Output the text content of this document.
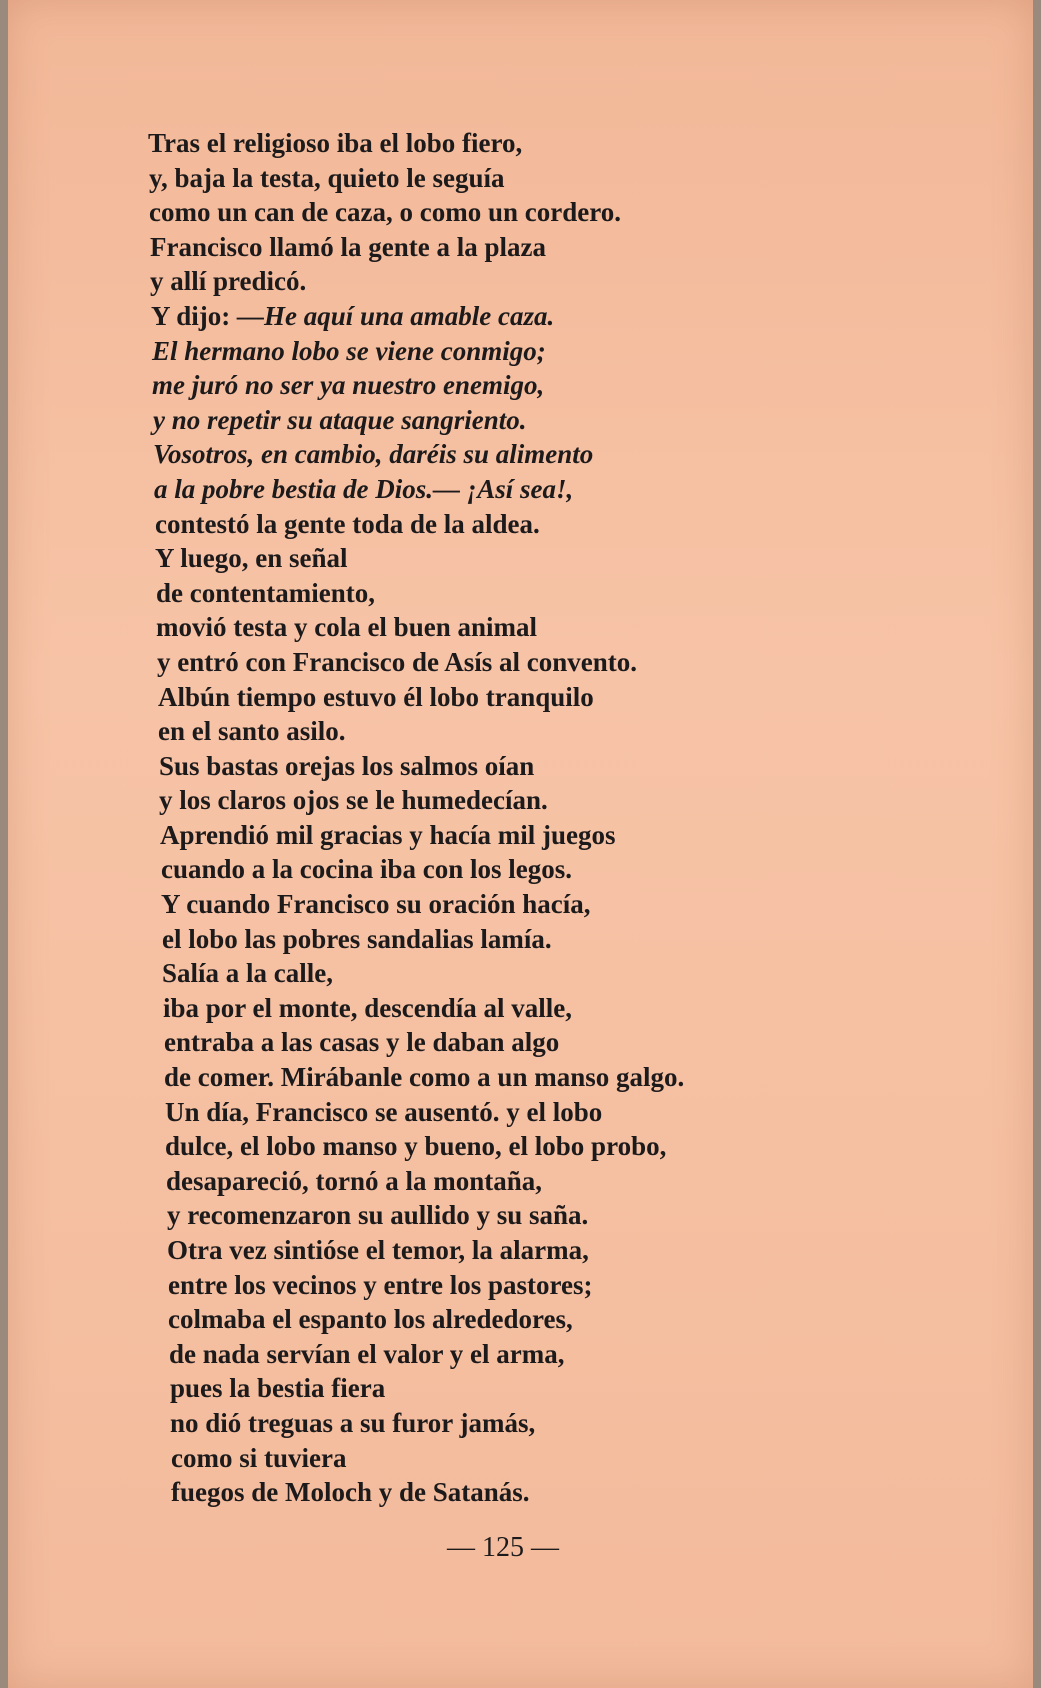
Tras el religioso iba el lobo fiero,
y, baja la testa, quieto le seguía
como un can de caza, o como un cordero.
Francisco llamó la gente a la plaza
y allí predicó.
Y dijo: —He aquí una amable caza.
El hermano lobo se viene conmigo;
me juró no ser ya nuestro enemigo,
y no repetir su ataque sangriento.
Vosotros, en cambio, daréis su alimento
a la pobre bestia de Dios.— ¡Así sea!,
contestó la gente toda de la aldea.
Y luego, en señal
de contentamiento,
movió testa y cola el buen animal
y entró con Francisco de Asís al convento.
Albún tiempo estuvo él lobo tranquilo
en el santo asilo.
Sus bastas orejas los salmos oían
y los claros ojos se le humedecían.
Aprendió mil gracias y hacía mil juegos
cuando a la cocina iba con los legos.
Y cuando Francisco su oración hacía,
el lobo las pobres sandalias lamía.
Salía a la calle,
iba por el monte, descendía al valle,
entraba a las casas y le daban algo
de comer. Mirábanle como a un manso galgo.
Un día, Francisco se ausentó. y el lobo
dulce, el lobo manso y bueno, el lobo probo,
desapareció, tornó a la montaña,
y recomenzaron su aullido y su saña.
Otra vez sintióse el temor, la alarma,
entre los vecinos y entre los pastores;
colmaba el espanto los alrededores,
de nada servían el valor y el arma,
pues la bestia fiera
no dió treguas a su furor jamás,
como si tuviera
fuegos de Moloch y de Satanás.
— 125 —
